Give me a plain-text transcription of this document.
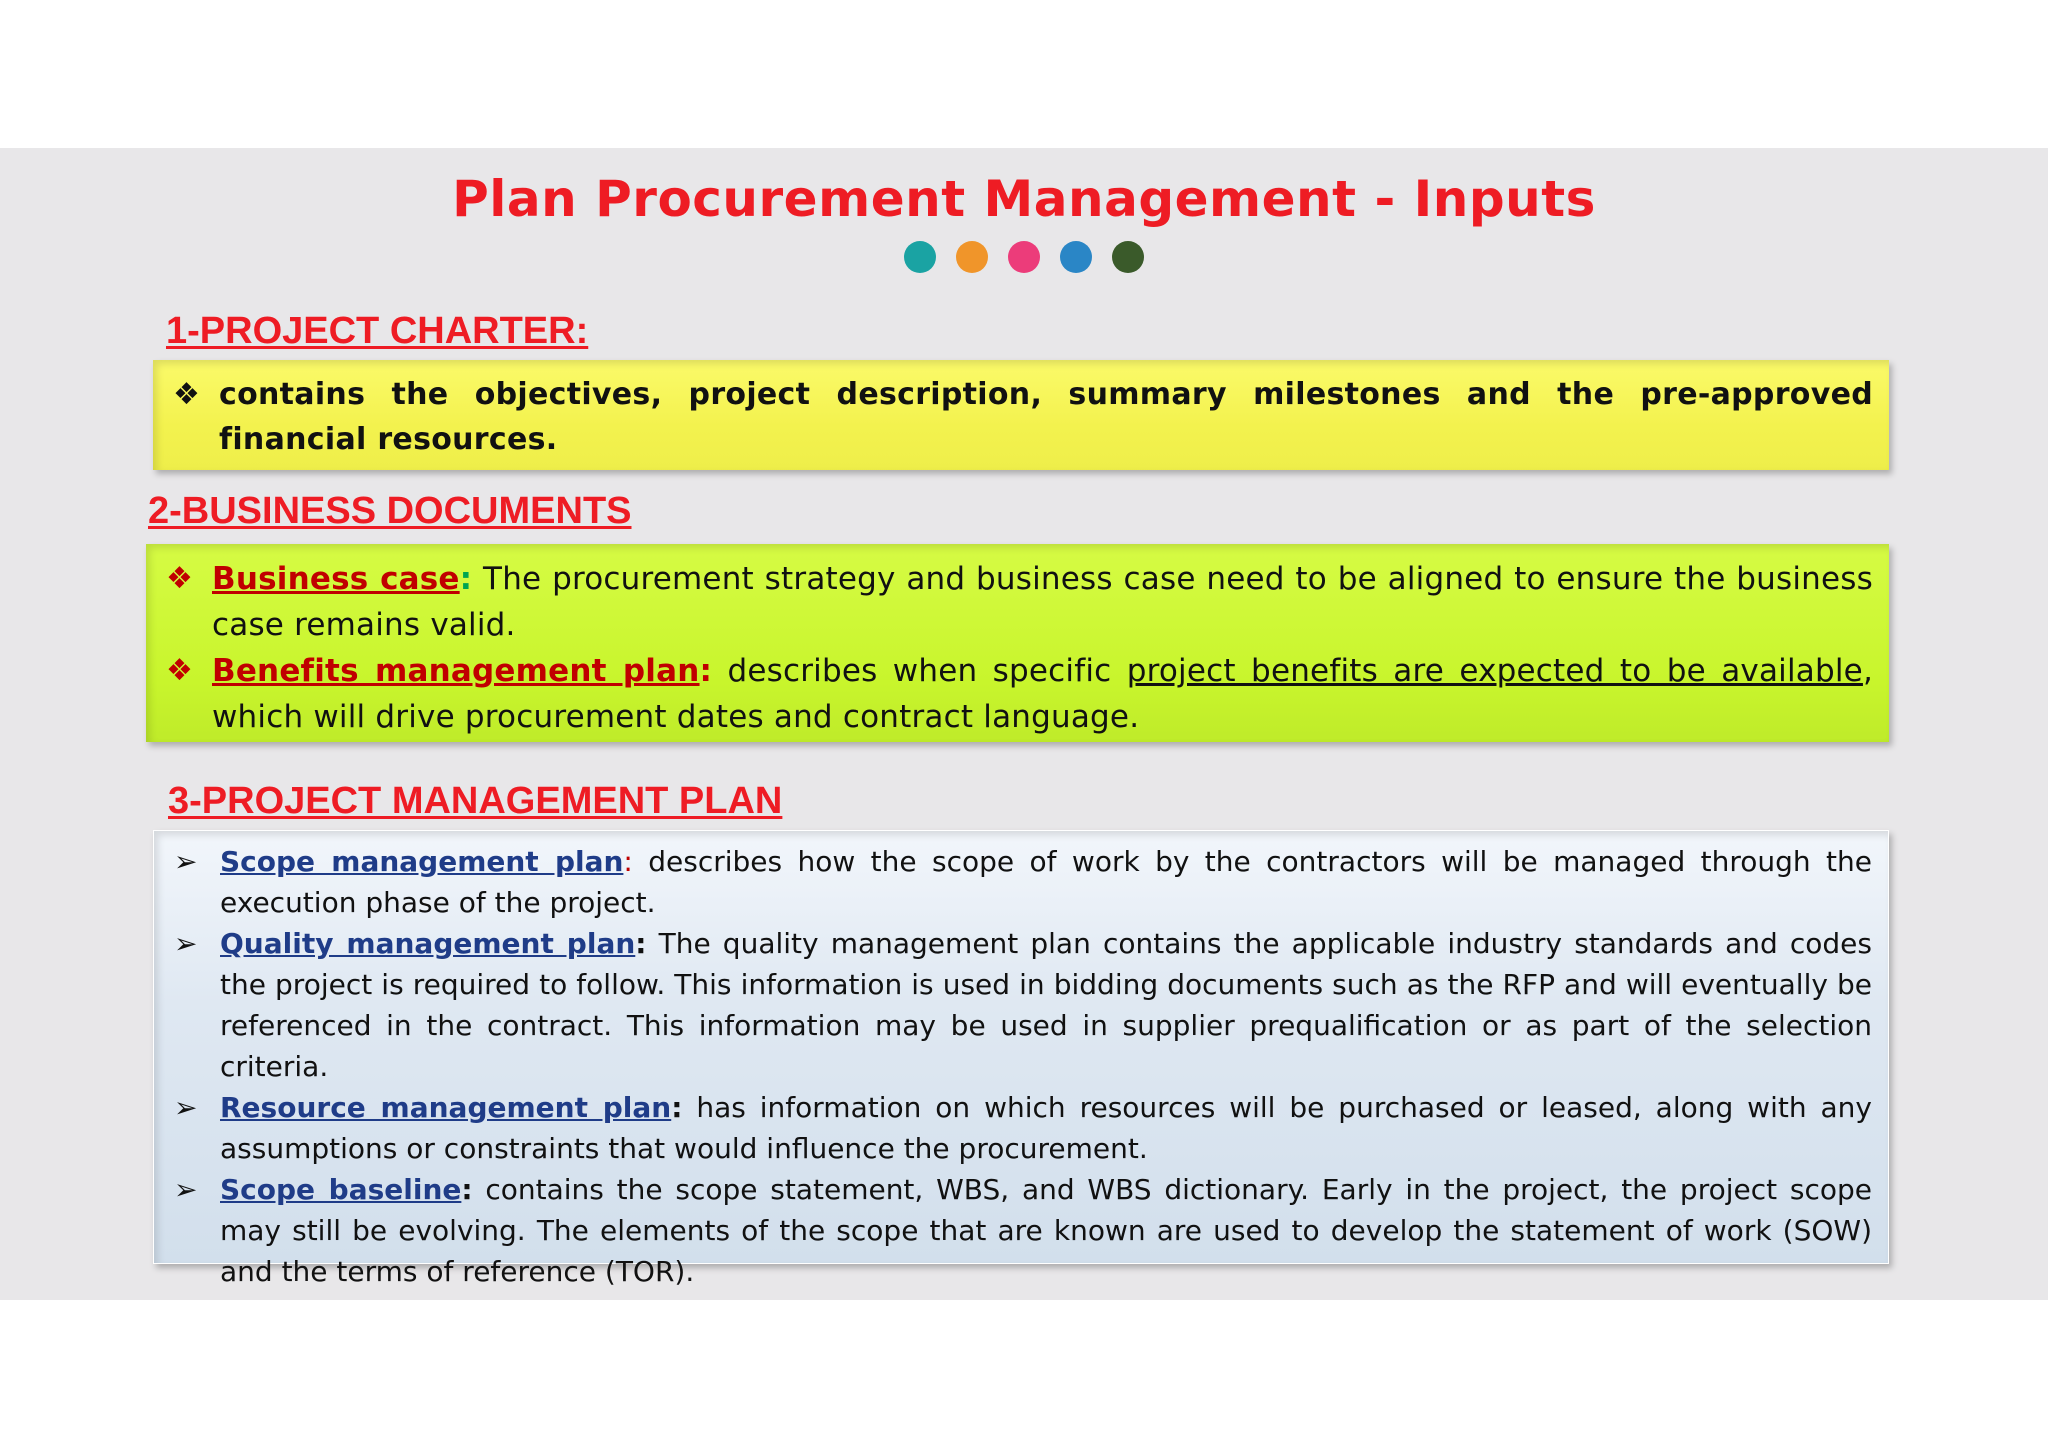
Plan Procurement Management - Inputs
1-PROJECT CHARTER:
❖ contains the objectives, project description, summary milestones and the pre-approved financial resources.
2-BUSINESS DOCUMENTS
❖ Business case: The procurement strategy and business case need to be aligned to ensure the business case remains valid.
❖ Benefits management plan: describes when specific project benefits are expected to be available, which will drive procurement dates and contract language.
3-PROJECT MANAGEMENT PLAN
➢ Scope management plan: describes how the scope of work by the contractors will be managed through the execution phase of the project.
➢ Quality management plan: The quality management plan contains the applicable industry standards and codes the project is required to follow. This information is used in bidding documents such as the RFP and will eventually be referenced in the contract. This information may be used in supplier prequalification or as part of the selection criteria.
➢ Resource management plan: has information on which resources will be purchased or leased, along with any assumptions or constraints that would influence the procurement.
➢ Scope baseline: contains the scope statement, WBS, and WBS dictionary. Early in the project, the project scope may still be evolving. The elements of the scope that are known are used to develop the statement of work (SOW) and the terms of reference (TOR).
